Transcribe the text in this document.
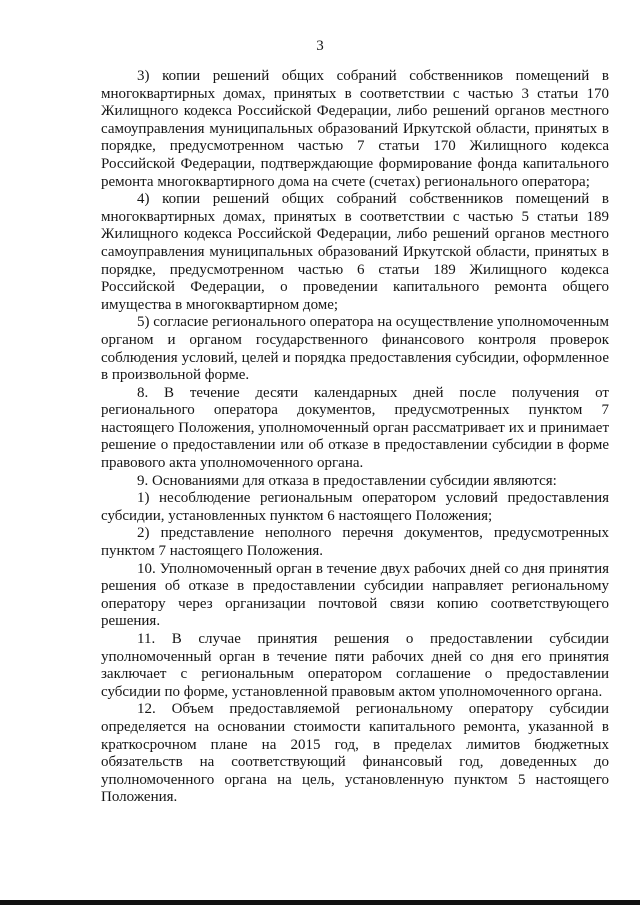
3

3) копии решений общих собраний собственников помещений в многоквартирных домах, принятых в соответствии с частью 3 статьи 170 Жилищного кодекса Российской Федерации, либо решений органов местного самоуправления муниципальных образований Иркутской области, принятых в порядке, предусмотренном частью 7 статьи 170 Жилищного кодекса Российской Федерации, подтверждающие формирование фонда капитального ремонта многоквартирного дома на счете (счетах) регионального оператора;

4) копии решений общих собраний собственников помещений в многоквартирных домах, принятых в соответствии с частью 5 статьи 189 Жилищного кодекса Российской Федерации, либо решений органов местного самоуправления муниципальных образований Иркутской области, принятых в порядке, предусмотренном частью 6 статьи 189 Жилищного кодекса Российской Федерации, о проведении капитального ремонта общего имущества в многоквартирном доме;

5) согласие регионального оператора на осуществление уполномоченным органом и органом государственного финансового контроля проверок соблюдения условий, целей и порядка предоставления субсидии, оформленное в произвольной форме.

8. В течение десяти календарных дней после получения от регионального оператора документов, предусмотренных пунктом 7 настоящего Положения, уполномоченный орган рассматривает их и принимает решение о предоставлении или об отказе в предоставлении субсидии в форме правового акта уполномоченного органа.

9. Основаниями для отказа в предоставлении субсидии являются:

1) несоблюдение региональным оператором условий предоставления субсидии, установленных пунктом 6 настоящего Положения;

2) представление неполного перечня документов, предусмотренных пунктом 7 настоящего Положения.

10. Уполномоченный орган в течение двух рабочих дней со дня принятия решения об отказе в предоставлении субсидии направляет региональному оператору через организации почтовой связи копию соответствующего решения.

11. В случае принятия решения о предоставлении субсидии уполномоченный орган в течение пяти рабочих дней со дня его принятия заключает с региональным оператором соглашение о предоставлении субсидии по форме, установленной правовым актом уполномоченного органа.

12. Объем предоставляемой региональному оператору субсидии определяется на основании стоимости капитального ремонта, указанной в краткосрочном плане на 2015 год, в пределах лимитов бюджетных обязательств на соответствующий финансовый год, доведенных до уполномоченного органа на цель, установленную пунктом 5 настоящего Положения.
